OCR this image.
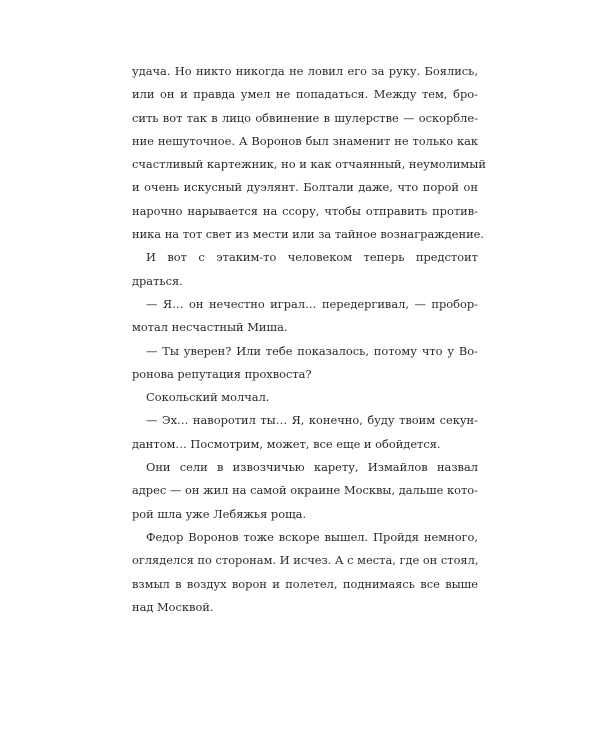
удача. Но никто никогда не ловил его за руку. Боялись,
или он и правда умел не попадаться. Между тем, бро-
сить вот так в лицо обвинение в шулерстве — оскорбле-
ние нешуточное. А Воронов был знаменит не только как
счастливый картежник, но и как отчаянный, неумолимый
и очень искусный дуэлянт. Болтали даже, что порой он
нарочно нарывается на ссору, чтобы отправить против-
ника на тот свет из мести или за тайное вознаграждение.
И вот с этаким-то человеком теперь предстоит
драться.
— Я… он нечестно играл… передергивал, — пробор-
мотал несчастный Миша.
— Ты уверен? Или тебе показалось, потому что у Во-
ронова репутация прохвоста?
Сокольский молчал.
— Эх… наворотил ты… Я, конечно, буду твоим секун-
дантом… Посмотрим, может, все еще и обойдется.
Они сели в извозчичью карету, Измайлов назвал
адрес — он жил на самой окраине Москвы, дальше кото-
рой шла уже Лебяжья роща.
Федор Воронов тоже вскоре вышел. Пройдя немного,
огляделся по сторонам. И исчез. А с места, где он стоял,
взмыл в воздух ворон и полетел, поднимаясь все выше
над Москвой.
